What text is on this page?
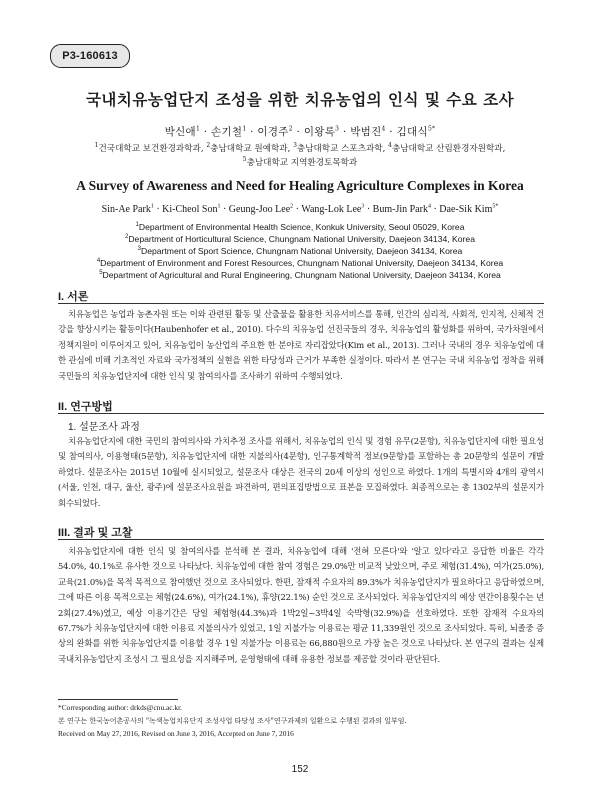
P3-160613
국내치유농업단지 조성을 위한 치유농업의 인식 및 수요 조사
박신애$^1$ · 손기철$^1$ · 이경주$^2$ · 이왕록$^3$ · 박범진$^4$ · 김대식$^{5*}$
$^1$건국대학교 보건환경과학과, $^2$충남대학교 원예학과, $^3$충남대학교 스포츠과학, $^4$충남대학교 산림환경자원학과,
$^5$충남대학교 지역환경토목학과
A Survey of Awareness and Need for Healing Agriculture Complexes in Korea
Sin-Ae Park$^1$ · Ki-Cheol Son$^1$ · Geung-Joo Lee$^2$ · Wang-Lok Lee$^3$ · Bum-Jin Park$^4$ · Dae-Sik Kim$^{5*}$
$^1$Department of Environmental Health Science, Konkuk University, Seoul 05029, Korea
$^2$Department of Horticultural Science, Chungnam National University, Daejeon 34134, Korea
$^3$Department of Sport Science, Chungnam National University, Daejeon 34134, Korea
$^4$Department of Environment and Forest Resources, Chungnam National University, Daejeon 34134, Korea
$^5$Department of Agricultural and Rural Engineering, Chungnam National University, Daejeon 34134, Korea
I. 서론
치유농업은 농업과 농촌자원 또는 이와 관련된 활동 및 산출물을 활용한 치유서비스를 통해, 인간의 심리적, 사회적, 인지적, 신체적 건강을 향상시키는 활동이다(Haubenhofer et al., 2010). 다수의 치유농업 선진국들의 경우, 치유농업의 활성화를 위하여, 국가차원에서 정책지원이 이루어지고 있어, 치유농업이 농산업의 주요한 한 분야로 자리잡았다(Kim et al., 2013). 그러나 국내의 경우 치유농업에 대한 관심에 비해 기초적인 자료와 국가정책의 실현을 위한 타당성과 근거가 부족한 실정이다. 따라서 본 연구는 국내 치유농업 정착을 위해 국민들의 치유농업단지에 대한 인식 및 참여의사를 조사하기 위하여 수행되었다.
II. 연구방법
1. 설문조사 과정
치유농업단지에 대한 국민의 참여의사와 가치추정 조사를 위해서, 치유농업의 인식 및 경험 유무(2문항), 치유농업단지에 대한 필요성 및 참여의사, 이용형태(5문항), 치유농업단지에 대한 지불의사(4문항), 인구통계학적 정보(9문항)를 포함하는 총 20문항의 설문이 개발하였다. 설문조사는 2015년 10월에 실시되었고, 설문조사 대상은 전국의 20세 이상의 성인으로 하였다. 1개의 특별시와 4개의 광역시(서울, 인천, 대구, 울산, 광주)에 설문조사요원을 파견하여, 편의표집방법으로 표본을 모집하였다. 최종적으로는 총 1302부의 설문지가 회수되었다.
III. 결과 및 고찰
치유농업단지에 대한 인식 및 참여의사를 분석해 본 결과, 치유농업에 대해 '전혀 모른다'와 '알고 있다'라고 응답한 비율은 각각 54.0%, 40.1%로 유사한 것으로 나타났다. 치유농업에 대한 참여 경험은 29.0%만 비교적 낮았으며, 주로 체험(31.4%), 여가(25.0%), 교육(21.0%)을 목적 목적으로 참여했던 것으로 조사되었다. 한편, 잠재적 수요자의 89.3%가 치유농업단지가 필요하다고 응답하였으며, 그에 따른 이용 목적으로는 체험(24.6%), 여가(24.1%), 휴양(22.1%) 순인 것으로 조사되었다. 치유농업단지의 예상 연간이용횟수는 년 2회(27.4%)였고, 예상 이용기간은 당일 체험형(44.3%)과 1박2일~3박4일 숙박형(32.9%)을 선호하였다. 또한 잠재적 수요자의 67.7%가 치유농업단지에 대한 이용료 지불의사가 있었고, 1일 지불가능 이용료는 평균 11,339원인 것으로 조사되었다. 특히, 뇌졸중 증상의 완화를 위한 치유농업단지를 이용할 경우 1일 지불가능 이용료는 66,880원으로 가장 높은 것으로 나타났다. 본 연구의 결과는 실제 국내치유농업단지 조성시 그 필요성을 지지해주며, 운영형태에 대해 유용한 정보를 제공할 것이라 판단된다.
*Corresponding author: drkds@cnu.ac.kr.
본 연구는 한국농어촌공사의 "녹색농업치유단지 조성사업 타당성 조사"연구과제의 일환으로 수행된 결과의 일부임.
Received on May 27, 2016, Revised on June 3, 2016, Accepted on June 7, 2016
152
